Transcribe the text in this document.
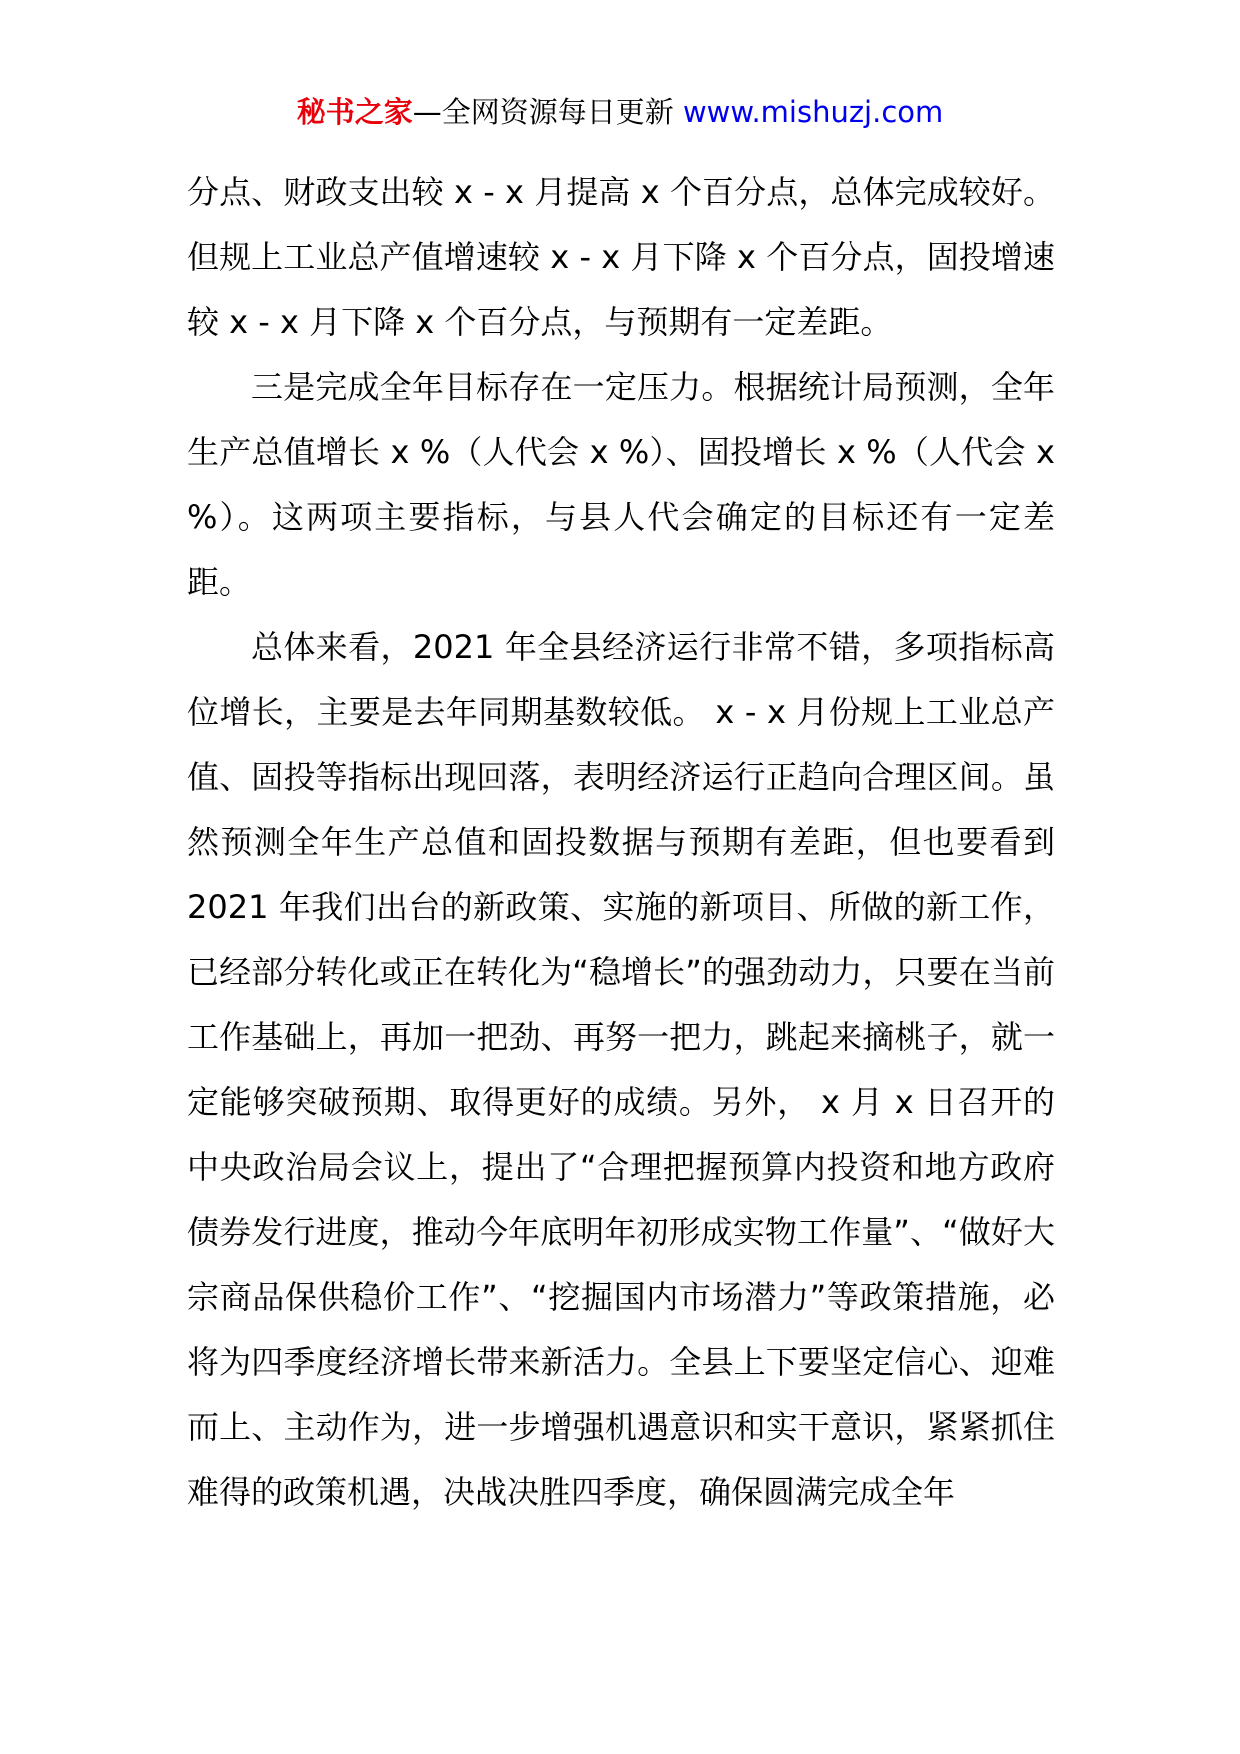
秘书之家—全网资源每日更新 www.mishuzj.com

分点、财政支出较 x - x 月提高 x 个百分点，总体完成较好。但规上工业总产值增速较 x - x 月下降 x 个百分点，固投增速较 x - x 月下降 x 个百分点，与预期有一定差距。

三是完成全年目标存在一定压力。根据统计局预测，全年生产总值增长 x %（人代会 x %）、固投增长 x %（人代会 x %）。这两项主要指标，与县人代会确定的目标还有一定差距。

总体来看，2021 年全县经济运行非常不错，多项指标高位增长，主要是去年同期基数较低。 x - x 月份规上工业总产值、固投等指标出现回落，表明经济运行正趋向合理区间。虽然预测全年生产总值和固投数据与预期有差距，但也要看到 2021 年我们出台的新政策、实施的新项目、所做的新工作，已经部分转化或正在转化为“稳增长”的强劲动力，只要在当前工作基础上，再加一把劲、再努一把力，跳起来摘桃子，就一定能够突破预期、取得更好的成绩。另外， x 月 x 日召开的中央政治局会议上，提出了“合理把握预算内投资和地方政府债券发行进度，推动今年底明年初形成实物工作量”、“做好大宗商品保供稳价工作”、“挖掘国内市场潜力”等政策措施，必将为四季度经济增长带来新活力。全县上下要坚定信心、迎难而上、主动作为，进一步增强机遇意识和实干意识，紧紧抓住难得的政策机遇，决战决胜四季度，确保圆满完成全年
